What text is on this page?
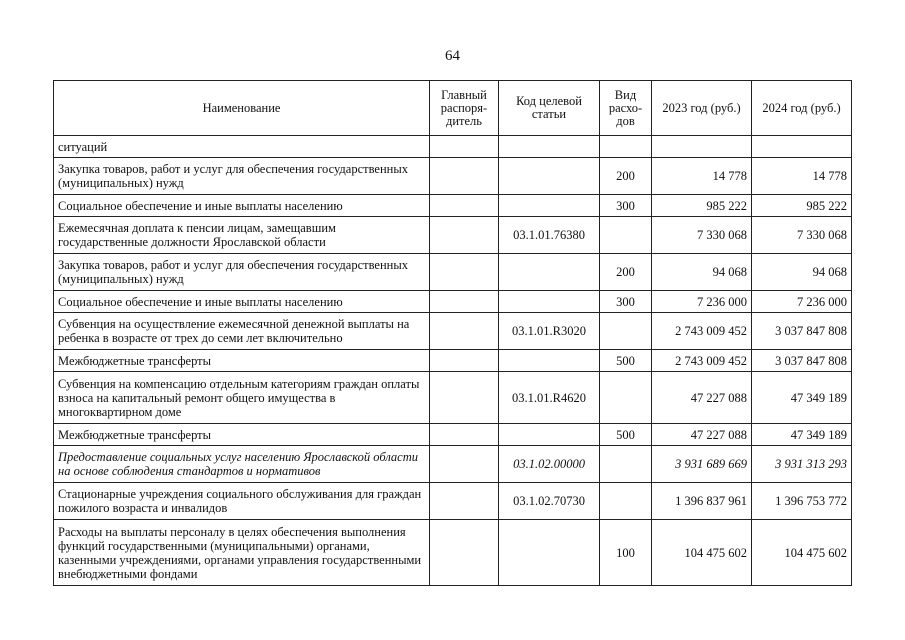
64
Наименование	Главный распоря-дитель	Код целевой статьи	Вид расхо-дов	2023 год (руб.)	2024 год (руб.)
ситуаций					
Закупка товаров, работ и услуг для обеспечения государственных (муниципальных) нужд			200	14 778	14 778
Социальное обеспечение и иные выплаты населению			300	985 222	985 222
Ежемесячная доплата к пенсии лицам, замещавшим государственные должности Ярославской области		03.1.01.76380		7 330 068	7 330 068
Закупка товаров, работ и услуг для обеспечения государственных (муниципальных) нужд			200	94 068	94 068
Социальное обеспечение и иные выплаты населению			300	7 236 000	7 236 000
Субвенция на осуществление ежемесячной денежной выплаты на ребенка в возрасте от трех до семи лет включительно		03.1.01.R3020		2 743 009 452	3 037 847 808
Межбюджетные трансферты			500	2 743 009 452	3 037 847 808
Субвенция на компенсацию отдельным категориям граждан оплаты взноса на капитальный ремонт общего имущества в многоквартирном доме		03.1.01.R4620		47 227 088	47 349 189
Межбюджетные трансферты			500	47 227 088	47 349 189
Предоставление социальных услуг населению Ярославской области на основе соблюдения стандартов и нормативов		03.1.02.00000		3 931 689 669	3 931 313 293
Стационарные учреждения социального обслуживания для граждан пожилого возраста и инвалидов		03.1.02.70730		1 396 837 961	1 396 753 772
Расходы на выплаты персоналу в целях обеспечения выполнения функций государственными (муниципальными) органами, казенными учреждениями, органами управления государственными внебюджетными фондами			100	104 475 602	104 475 602
